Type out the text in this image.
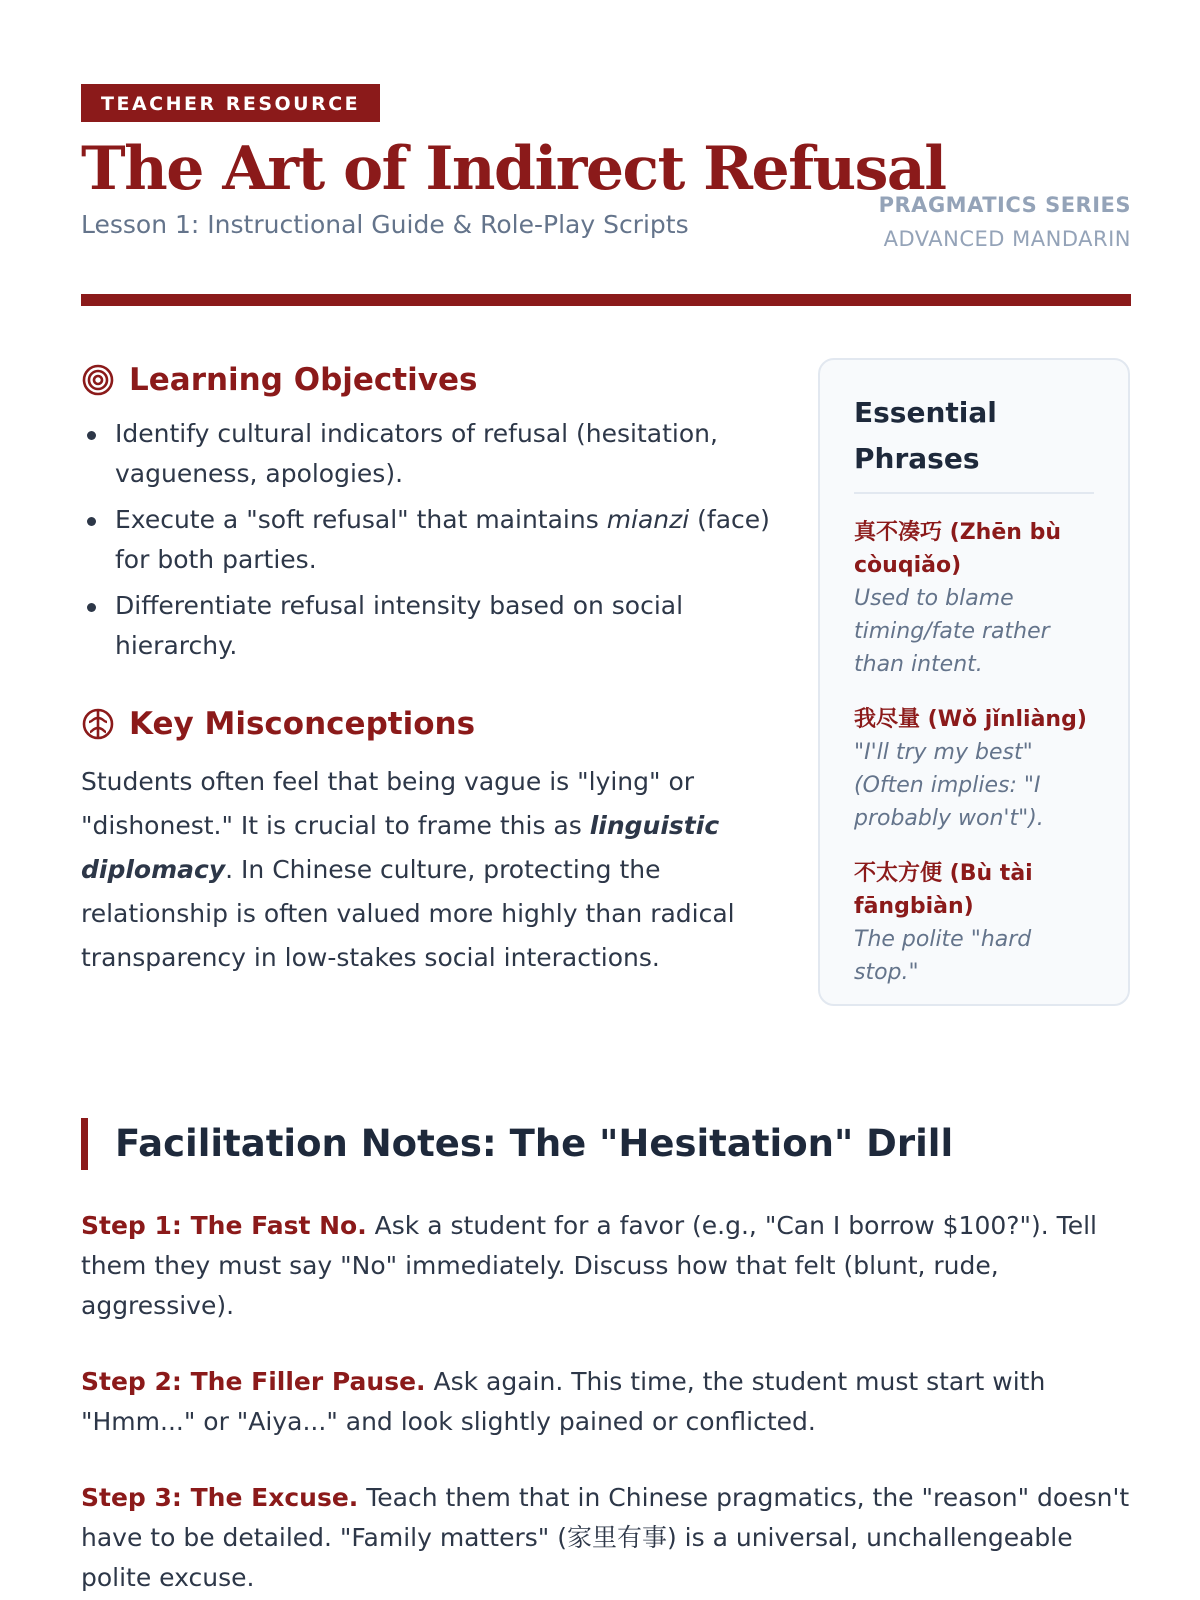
TEACHER RESOURCE
The Art of Indirect Refusal
Lesson 1: Instructional Guide & Role-Play Scripts
PRAGMATICS SERIES
ADVANCED MANDARIN
Learning Objectives
Identify cultural indicators of refusal (hesitation, vagueness, apologies).
Execute a "soft refusal" that maintains mianzi (face) for both parties.
Differentiate refusal intensity based on social hierarchy.
Key Misconceptions
Students often feel that being vague is "lying" or "dishonest." It is crucial to frame this as linguistic diplomacy. In Chinese culture, protecting the relationship is often valued more highly than radical transparency in low-stakes social interactions.
Essential Phrases
真不凑巧 (Zhēn bù còuqiǎo)
Used to blame timing/fate rather than intent.
我尽量 (Wǒ jǐnliàng)
"I'll try my best" (Often implies: "I probably won't").
不太方便 (Bù tài fāngbiàn)
The polite "hard stop."
Facilitation Notes: The "Hesitation" Drill
Step 1: The Fast No. Ask a student for a favor (e.g., "Can I borrow $100?"). Tell them they must say "No" immediately. Discuss how that felt (blunt, rude, aggressive).
Step 2: The Filler Pause. Ask again. This time, the student must start with "Hmm..." or "Aiya..." and look slightly pained or conflicted.
Step 3: The Excuse. Teach them that in Chinese pragmatics, the "reason" doesn't have to be detailed. "Family matters" (家里有事) is a universal, unchallengeable polite excuse.
